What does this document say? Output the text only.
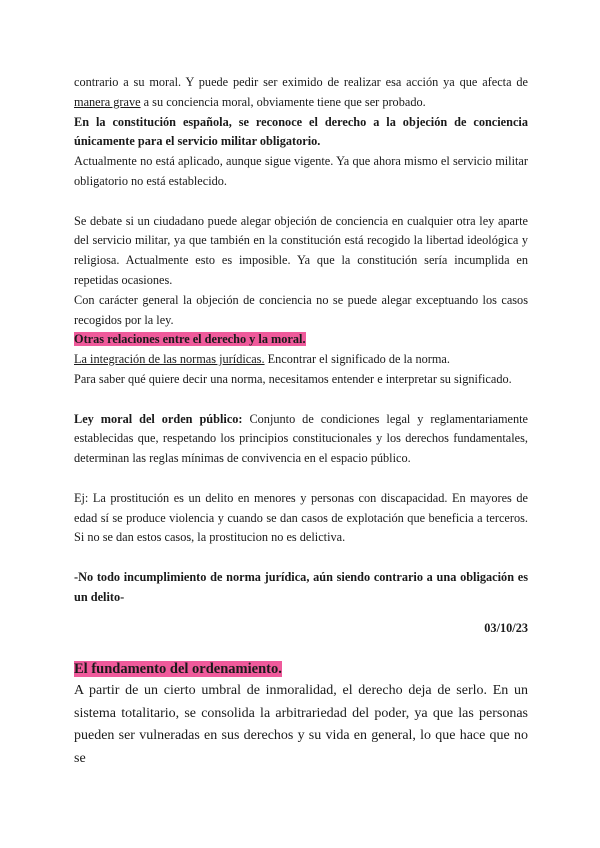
contrario a su moral. Y puede pedir ser eximido de realizar esa acción ya que afecta de manera grave a su conciencia moral, obviamente tiene que ser probado.

En la constitución española, se reconoce el derecho a la objeción de conciencia únicamente para el servicio militar obligatorio.

Actualmente no está aplicado, aunque sigue vigente. Ya que ahora mismo el servicio militar obligatorio no está establecido.

Se debate si un ciudadano puede alegar objeción de conciencia en cualquier otra ley aparte del servicio militar, ya que también en la constitución está recogido la libertad ideológica y religiosa. Actualmente esto es imposible. Ya que la constitución sería incumplida en repetidas ocasiones.

Con carácter general la objeción de conciencia no se puede alegar exceptuando los casos recogidos por la ley.

Otras relaciones entre el derecho y la moral.

La integración de las normas jurídicas. Encontrar el significado de la norma.

Para saber qué quiere decir una norma, necesitamos entender e interpretar su significado.

Ley moral del orden público: Conjunto de condiciones legal y reglamentariamente establecidas que, respetando los principios constitucionales y los derechos fundamentales, determinan las reglas mínimas de convivencia en el espacio público.

Ej: La prostitución es un delito en menores y personas con discapacidad. En mayores de edad sí se produce violencia y cuando se dan casos de explotación que beneficia a terceros. Si no se dan estos casos, la prostitucion no es delictiva.

-No todo incumplimiento de norma jurídica, aún siendo contrario a una obligación es un delito-

03/10/23

El fundamento del ordenamiento.

A partir de un cierto umbral de inmoralidad, el derecho deja de serlo. En un sistema totalitario, se consolida la arbitrariedad del poder, ya que las personas pueden ser vulneradas en sus derechos y su vida en general, lo que hace que no se
